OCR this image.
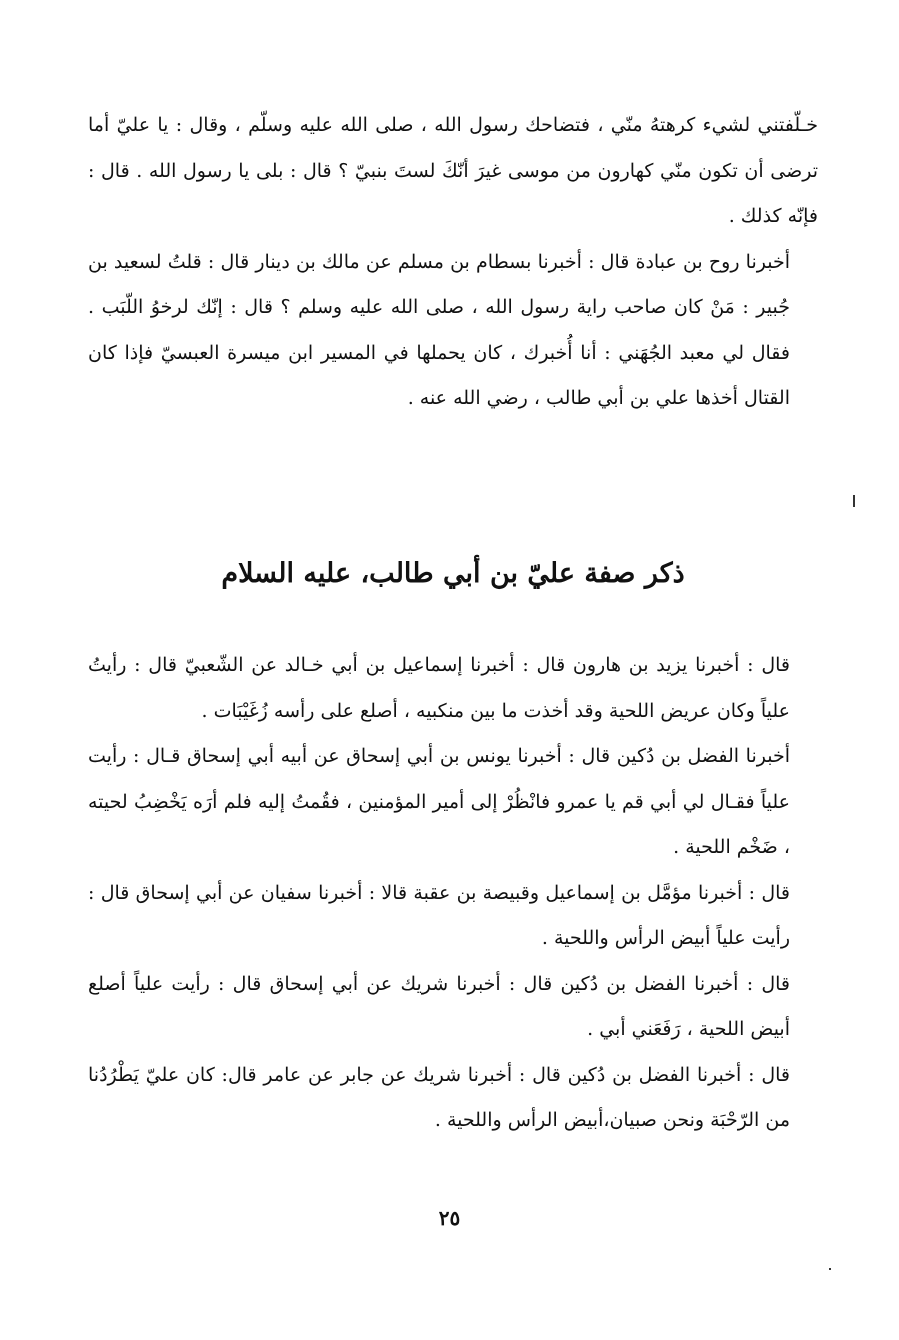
خـلّفتني لشيء كرهتهُ منّي ، فتضاحك رسول الله ، صلى الله عليه وسلّم ، وقال : يا عليّ أما ترضى أن تكون منّي كهارون من موسى غيرَ أنّكَ لستَ بنبيّ ؟ قال : بلى يا رسول الله . قال : فإنّه كذلك .

أخبرنا روح بن عبادة قال : أخبرنا بسطام بن مسلم عن مالك بن دينار قال : قلتُ لسعيد بن جُبير : مَنْ كان صاحب راية رسول الله ، صلى الله عليه وسلم ؟ قال : إنّك لرخوُ اللّبَب . فقال لي معبد الجُهَني : أنا أُخبرك ، كان يحملها في المسير ابن ميسرة العبسيّ فإذا كان القتال أخذها علي بن أبي طالب ، رضي الله عنه .

ذكر صفة عليّ بن أبي طالب، عليه السلام

قال : أخبرنا يزيد بن هارون قال : أخبرنا إسماعيل بن أبي خـالد عن الشّعبيّ قال : رأيتُ علياً وكان عريض اللحية وقد أخذت ما بين منكبيه ، أصلع على رأسه زُغَيْبَات .

أخبرنا الفضل بن دُكين قال : أخبرنا يونس بن أبي إسحاق عن أبيه أبي إسحاق قـال : رأيت علياً فقـال لي أبي قم يا عمرو فانْظُرْ إلى أمير المؤمنين ، فقُمتُ إليه فلم أرَه يَخْضِبُ لحيته ، ضَخْم اللحية .

قال : أخبرنا مؤمَّل بن إسماعيل وقبيصة بن عقبة قالا : أخبرنا سفيان عن أبي إسحاق قال : رأيت علياً أبيض الرأس واللحية .

قال : أخبرنا الفضل بن دُكين قال : أخبرنا شريك عن أبي إسحاق قال : رأيت علياً أصلع أبيض اللحية ، رَفَعَني أبي .

قال : أخبرنا الفضل بن دُكين قال : أخبرنا شريك عن جابر عن عامر قال: كان عليّ يَطْرُدُنا من الرّحْبَة ونحن صبيان،أبيض الرأس واللحية .

٢٥
